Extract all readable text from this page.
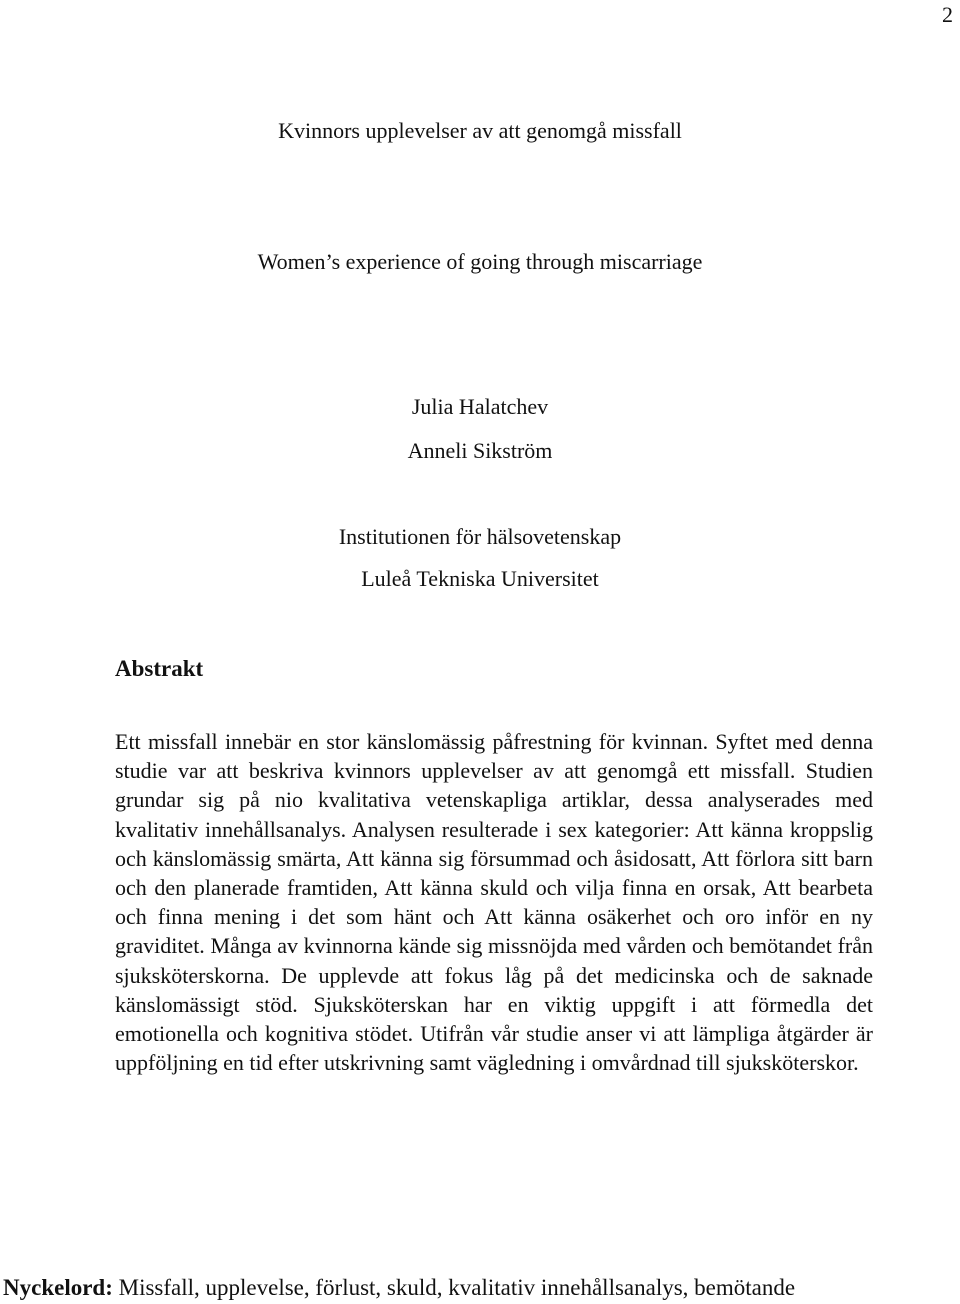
2
Kvinnors upplevelser av att genomgå missfall
Women’s experience of going through miscarriage
Julia Halatchev
Anneli Sikström
Institutionen för hälsovetenskap
Luleå Tekniska Universitet
Abstrakt

Ett missfall innebär en stor känslomässig påfrestning för kvinnan. Syftet med denna studie var att beskriva kvinnors upplevelser av att genomgå ett missfall. Studien grundar sig på nio kvalitativa vetenskapliga artiklar, dessa analyserades med kvalitativ innehållsanalys. Analysen resulterade i sex kategorier: Att känna kroppslig och känslomässig smärta, Att känna sig försummad och åsidosatt, Att förlora sitt barn och den planerade framtiden, Att känna skuld och vilja finna en orsak, Att bearbeta och finna mening i det som hänt och Att känna osäkerhet och oro inför en ny graviditet. Många av kvinnorna kände sig missnöjda med vården och bemötandet från sjuksköterskorna. De upplevde att fokus låg på det medicinska och de saknade känslomässigt stöd. Sjuksköterskan har en viktig uppgift i att förmedla det emotionella och kognitiva stödet. Utifrån vår studie anser vi att lämpliga åtgärder är uppföljning en tid efter utskrivning samt vägledning i omvårdnad till sjuksköterskor.

Nyckelord: Missfall, upplevelse, förlust, skuld, kvalitativ innehållsanalys, bemötande
